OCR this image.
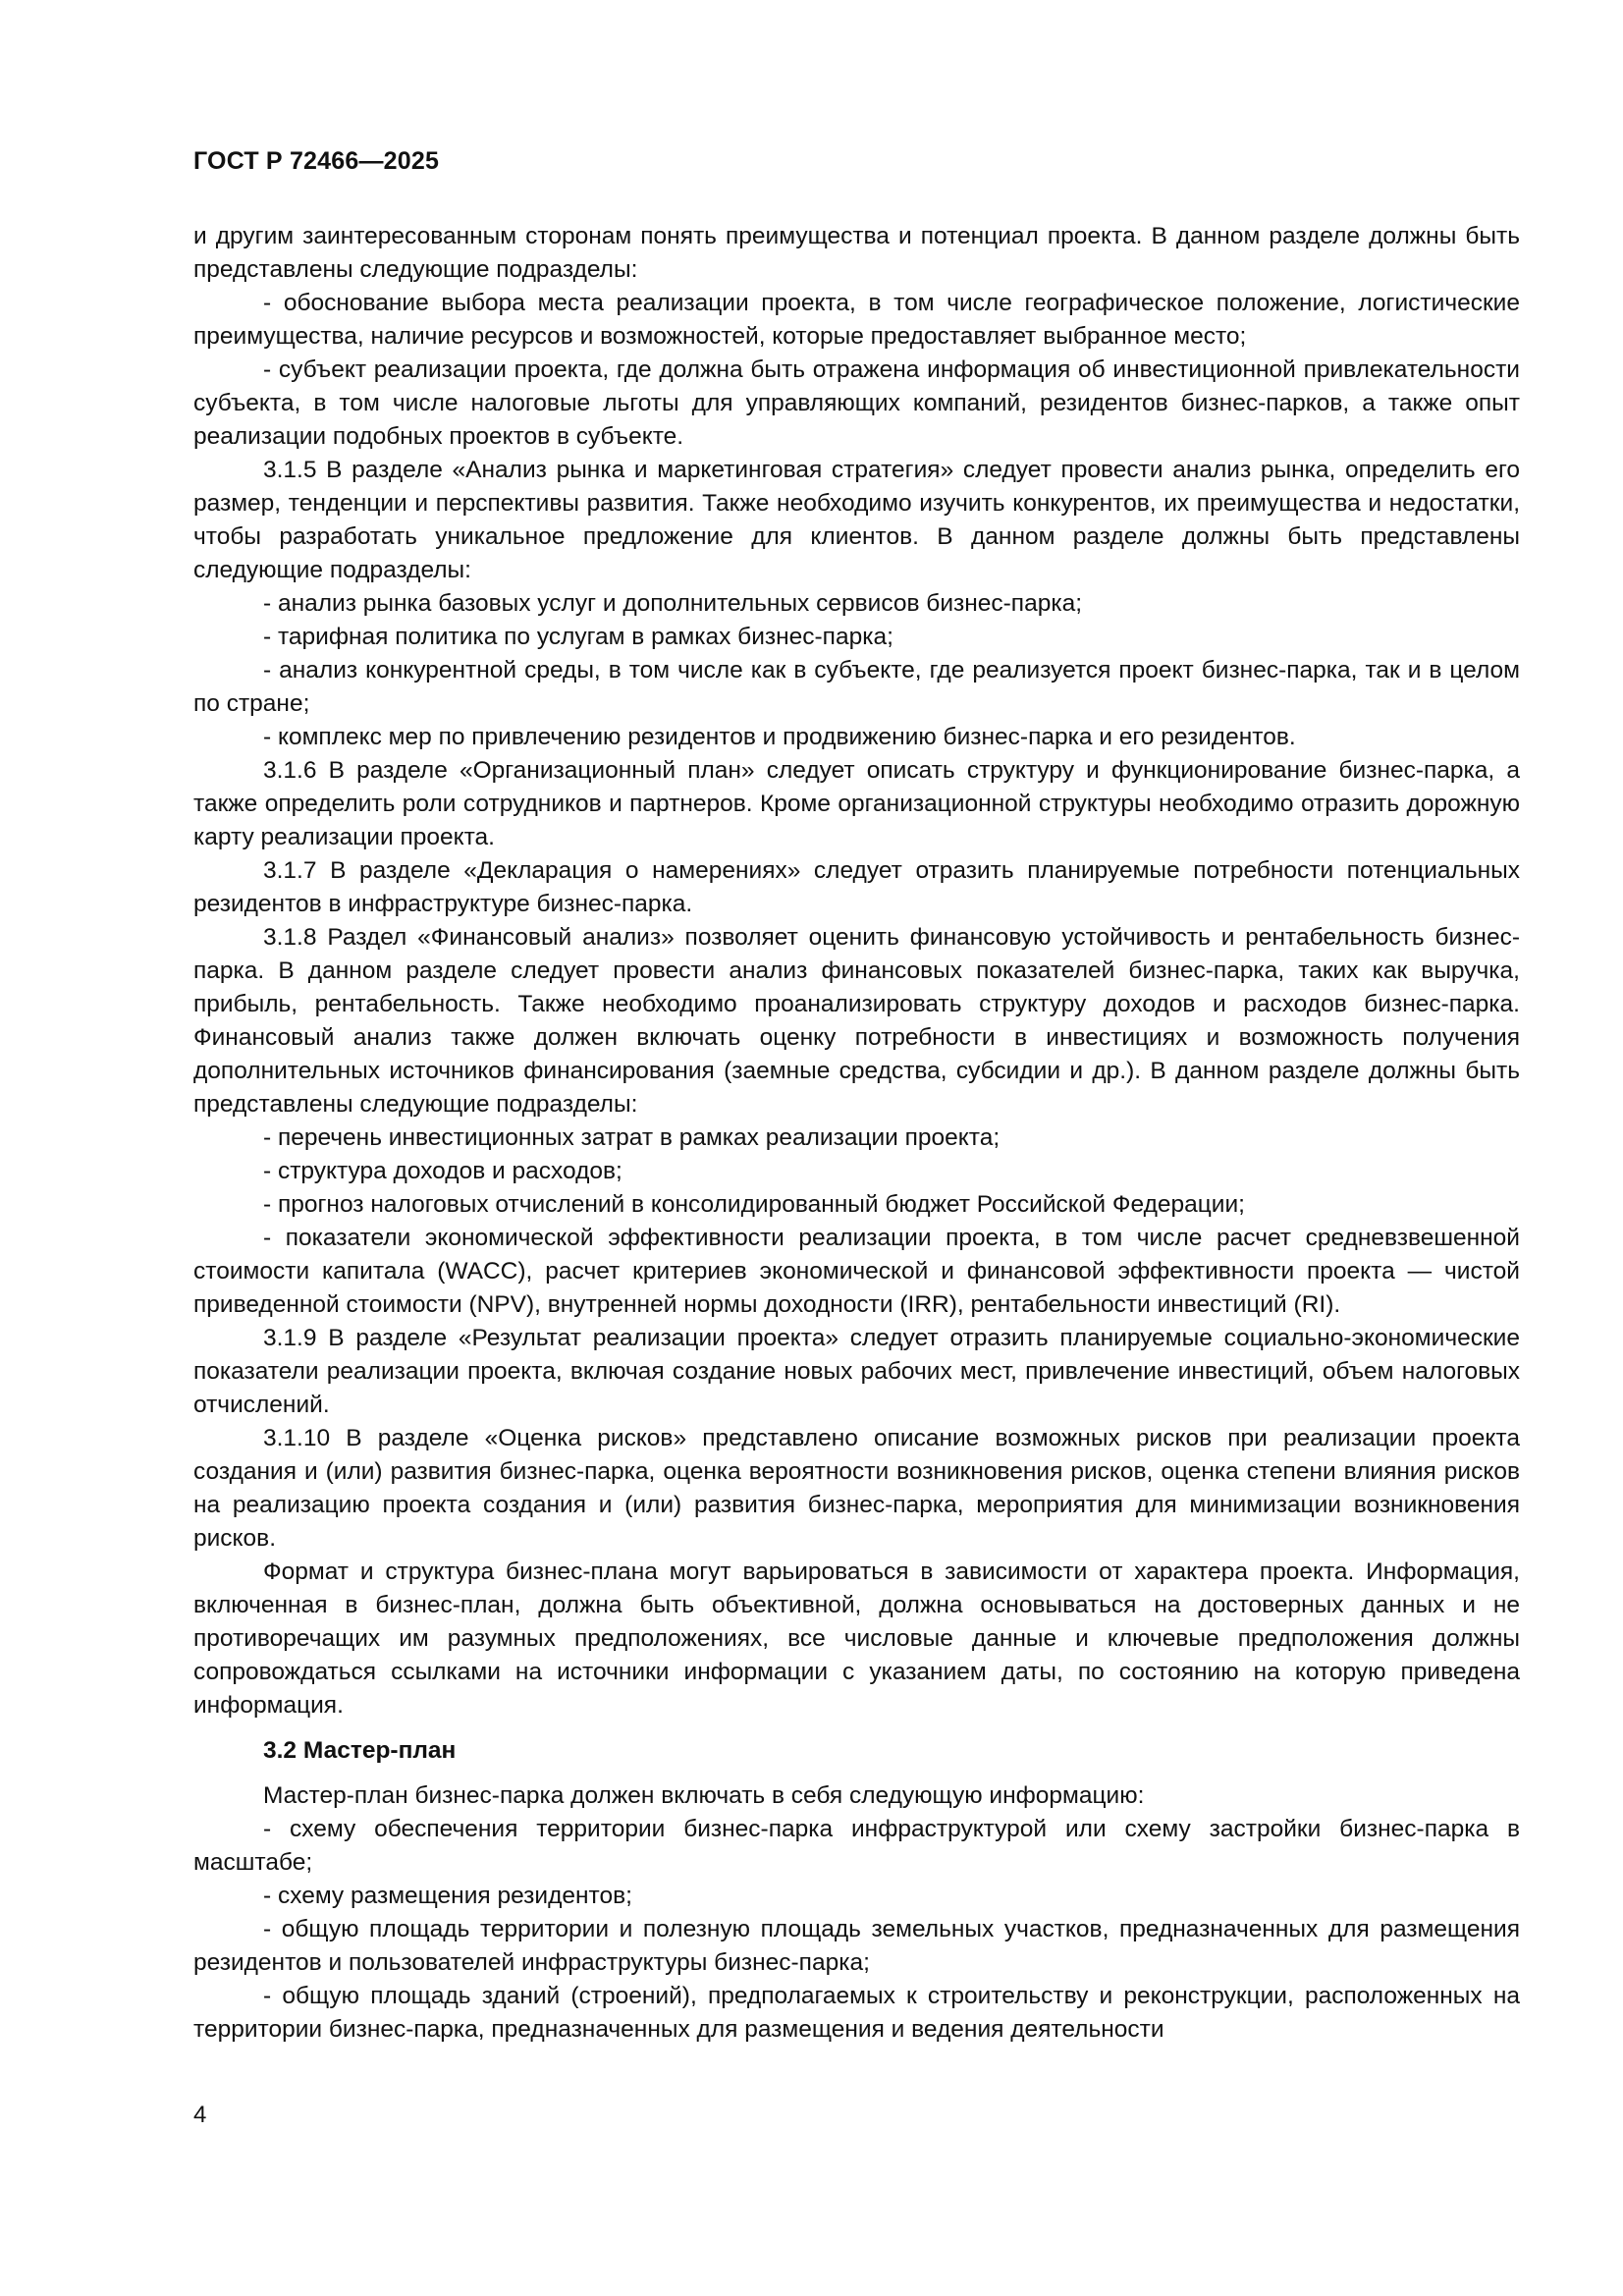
ГОСТ Р 72466—2025

и другим заинтересованным сторонам понять преимущества и потенциал проекта. В данном разделе должны быть представлены следующие подразделы:

- обоснование выбора места реализации проекта, в том числе географическое положение, логистические преимущества, наличие ресурсов и возможностей, которые предоставляет выбранное место;

- субъект реализации проекта, где должна быть отражена информация об инвестиционной привлекательности субъекта, в том числе налоговые льготы для управляющих компаний, резидентов бизнес-парков, а также опыт реализации подобных проектов в субъекте.

3.1.5 В разделе «Анализ рынка и маркетинговая стратегия» следует провести анализ рынка, определить его размер, тенденции и перспективы развития. Также необходимо изучить конкурентов, их преимущества и недостатки, чтобы разработать уникальное предложение для клиентов. В данном разделе должны быть представлены следующие подразделы:

- анализ рынка базовых услуг и дополнительных сервисов бизнес-парка;

- тарифная политика по услугам в рамках бизнес-парка;

- анализ конкурентной среды, в том числе как в субъекте, где реализуется проект бизнес-парка, так и в целом по стране;

- комплекс мер по привлечению резидентов и продвижению бизнес-парка и его резидентов.

3.1.6 В разделе «Организационный план» следует описать структуру и функционирование бизнес-парка, а также определить роли сотрудников и партнеров. Кроме организационной структуры необходимо отразить дорожную карту реализации проекта.

3.1.7 В разделе «Декларация о намерениях» следует отразить планируемые потребности потенциальных резидентов в инфраструктуре бизнес-парка.

3.1.8 Раздел «Финансовый анализ» позволяет оценить финансовую устойчивость и рентабельность бизнес-парка. В данном разделе следует провести анализ финансовых показателей бизнес-парка, таких как выручка, прибыль, рентабельность. Также необходимо проанализировать структуру доходов и расходов бизнес-парка. Финансовый анализ также должен включать оценку потребности в инвестициях и возможность получения дополнительных источников финансирования (заемные средства, субсидии и др.). В данном разделе должны быть представлены следующие подразделы:

- перечень инвестиционных затрат в рамках реализации проекта;

- структура доходов и расходов;

- прогноз налоговых отчислений в консолидированный бюджет Российской Федерации;

- показатели экономической эффективности реализации проекта, в том числе расчет средневзвешенной стоимости капитала (WACC), расчет критериев экономической и финансовой эффективности проекта — чистой приведенной стоимости (NPV), внутренней нормы доходности (IRR), рентабельности инвестиций (RI).

3.1.9 В разделе «Результат реализации проекта» следует отразить планируемые социально-экономические показатели реализации проекта, включая создание новых рабочих мест, привлечение инвестиций, объем налоговых отчислений.

3.1.10 В разделе «Оценка рисков» представлено описание возможных рисков при реализации проекта создания и (или) развития бизнес-парка, оценка вероятности возникновения рисков, оценка степени влияния рисков на реализацию проекта создания и (или) развития бизнес-парка, мероприятия для минимизации возникновения рисков.

Формат и структура бизнес-плана могут варьироваться в зависимости от характера проекта. Информация, включенная в бизнес-план, должна быть объективной, должна основываться на достоверных данных и не противоречащих им разумных предположениях, все числовые данные и ключевые предположения должны сопровождаться ссылками на источники информации с указанием даты, по состоянию на которую приведена информация.

3.2 Мастер-план

Мастер-план бизнес-парка должен включать в себя следующую информацию:

- схему обеспечения территории бизнес-парка инфраструктурой или схему застройки бизнес-парка в масштабе;

- схему размещения резидентов;

- общую площадь территории и полезную площадь земельных участков, предназначенных для размещения резидентов и пользователей инфраструктуры бизнес-парка;

- общую площадь зданий (строений), предполагаемых к строительству и реконструкции, расположенных на территории бизнес-парка, предназначенных для размещения и ведения деятельности

4
